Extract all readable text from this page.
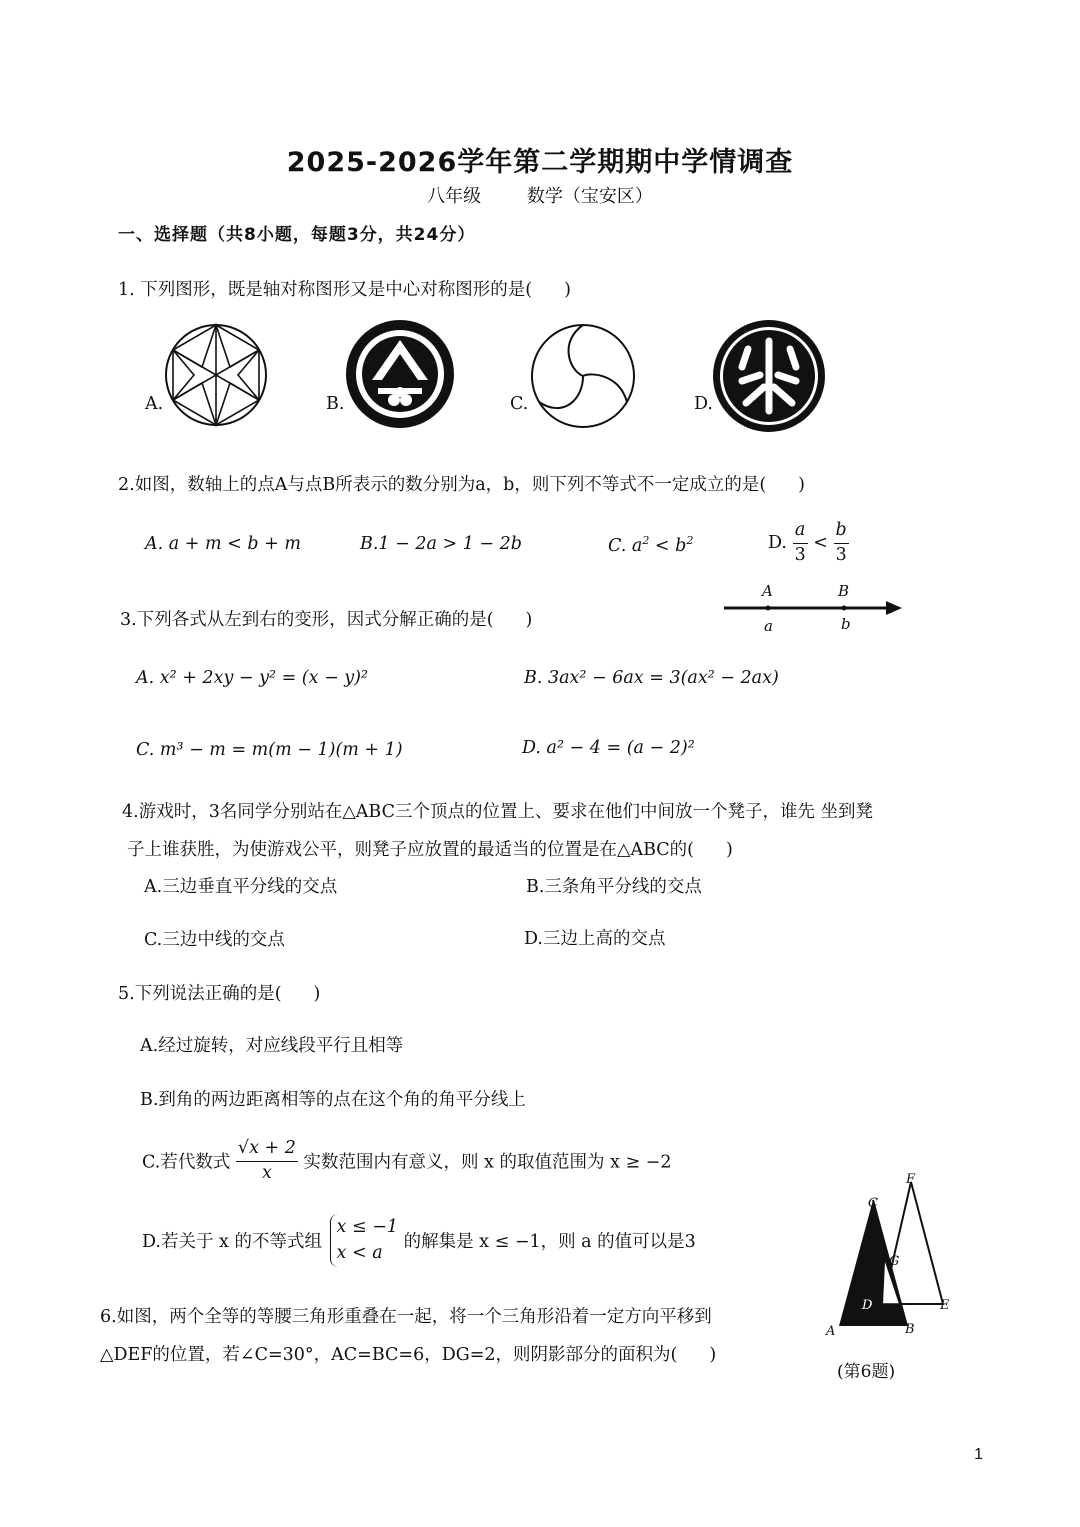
2025-2026学年第二学期期中学情调查
八年级	数学（宝安区）
一、选择题（共8小题，每题3分，共24分）
1. 下列图形，既是轴对称图形又是中心对称图形的是( )
A.	B.	C.	D.
2.如图，数轴上的点A与点B所表示的数分别为a，b，则下列不等式不一定成立的是( )
A. a + m < b + m	B.1 − 2a > 1 − 2b	C. $a^2 < b^2$	D. $\frac{a}{3} < \frac{b}{3}$
A	B
a	b
3.下列各式从左到右的变形，因式分解正确的是( )
A. x² + 2xy − y² = (x − y)²	B. 3ax² − 6ax = 3(ax² − 2ax)
C. m³ − m = m(m − 1)(m + 1)	D. a² − 4 = (a − 2)²
4.游戏时，3名同学分别站在△ABC三个顶点的位置上、要求在他们中间放一个凳子，谁先 坐到凳
子上谁获胜，为使游戏公平，则凳子应放置的最适当的位置是在△ABC的( )
A.三边垂直平分线的交点	B.三条角平分线的交点
C.三边中线的交点	D.三边上高的交点
5.下列说法正确的是( )
A.经过旋转，对应线段平行且相等
B.到角的两边距离相等的点在这个角的角平分线上
C.若代数式 $\frac{√x + 2}{x}$ 实数范围内有意义，则 x 的取值范围为 x ≥ −2
D.若关于 x 的不等式组
x ≤ −1
x < a
的解集是 x ≤ −1，则 a 的值可以是3
6.如图，两个全等的等腰三角形重叠在一起，将一个三角形沿着一定方向平移到
△DEF的位置，若∠C=30°，AC=BC=6，DG=2，则阴影部分的面积为( )
C
F
G
D	E
A	B
(第6题)
1
